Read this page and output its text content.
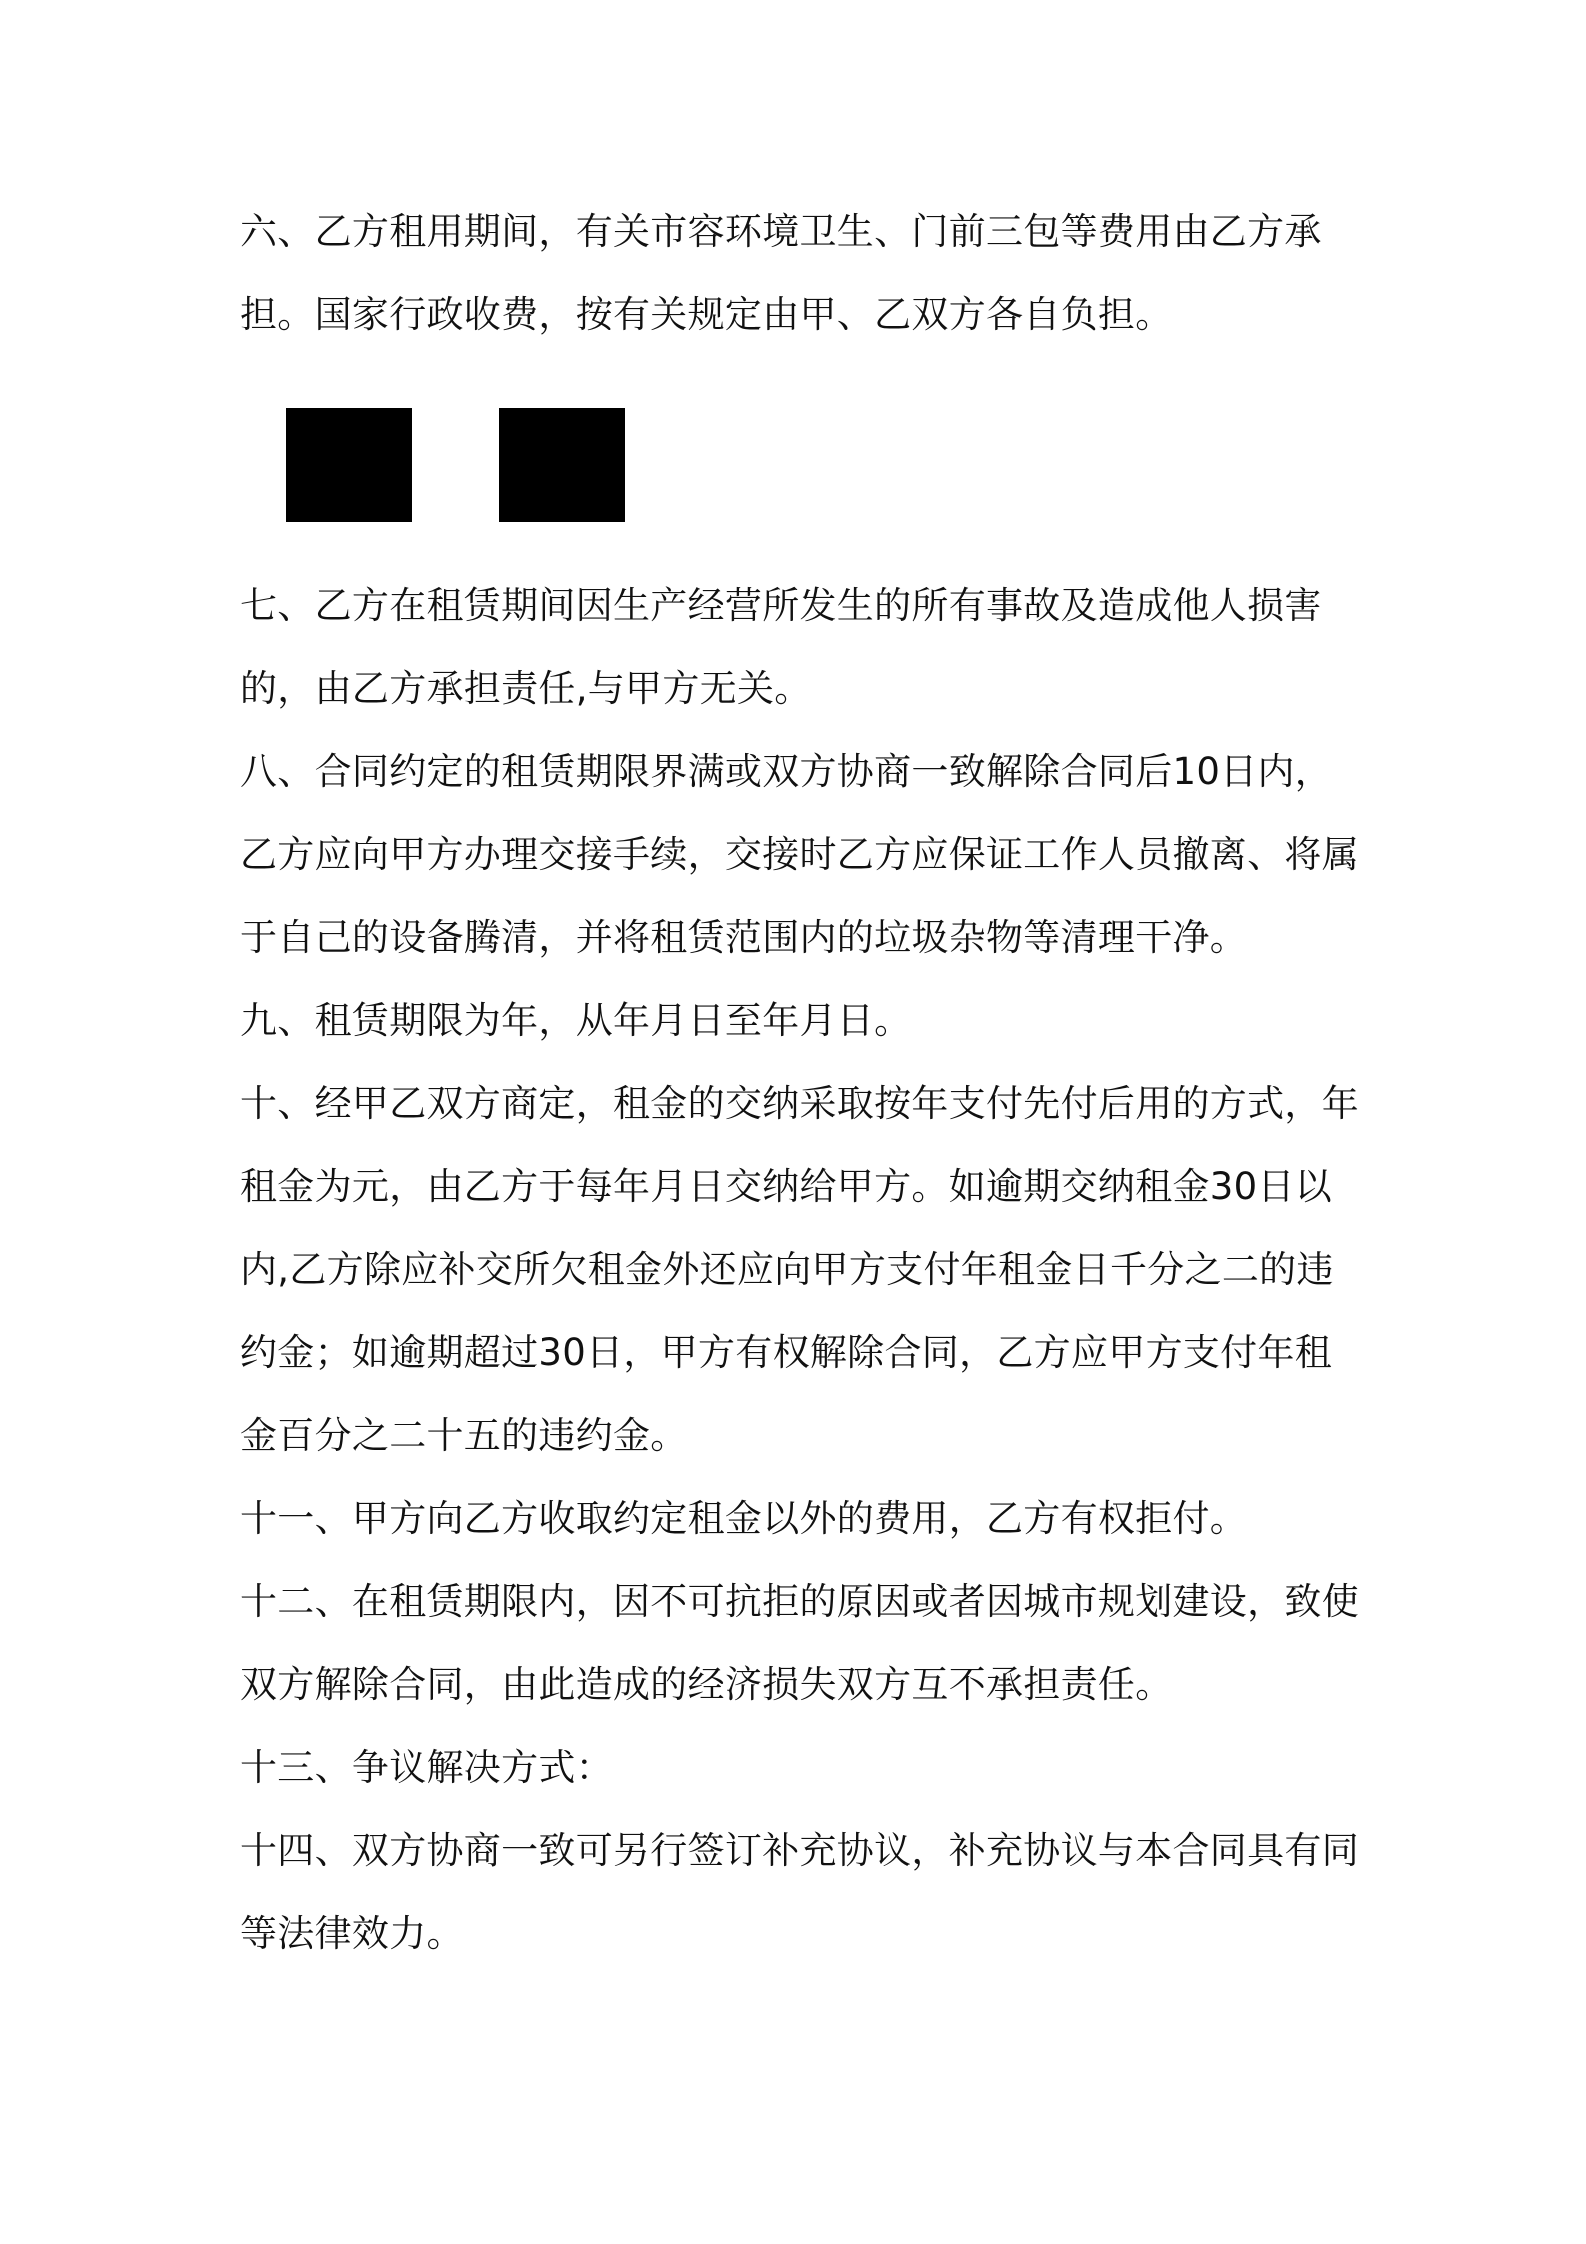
六、乙方租用期间，有关市容环境卫生、门前三包等费用由乙方承担。国家行政收费，按有关规定由甲、乙双方各自负担。

七、乙方在租赁期间因生产经营所发生的所有事故及造成他人损害的，由乙方承担责任,与甲方无关。

八、合同约定的租赁期限界满或双方协商一致解除合同后10日内，乙方应向甲方办理交接手续，交接时乙方应保证工作人员撤离、将属于自己的设备腾清，并将租赁范围内的垃圾杂物等清理干净。

九、租赁期限为年，从年月日至年月日。

十、经甲乙双方商定，租金的交纳采取按年支付先付后用的方式，年租金为元，由乙方于每年月日交纳给甲方。如逾期交纳租金30日以内,乙方除应补交所欠租金外还应向甲方支付年租金日千分之二的违约金；如逾期超过30日，甲方有权解除合同，乙方应甲方支付年租金百分之二十五的违约金。

十一、甲方向乙方收取约定租金以外的费用，乙方有权拒付。

十二、在租赁期限内，因不可抗拒的原因或者因城市规划建设，致使双方解除合同，由此造成的经济损失双方互不承担责任。

十三、争议解决方式：

十四、双方协商一致可另行签订补充协议，补充协议与本合同具有同等法律效力。
